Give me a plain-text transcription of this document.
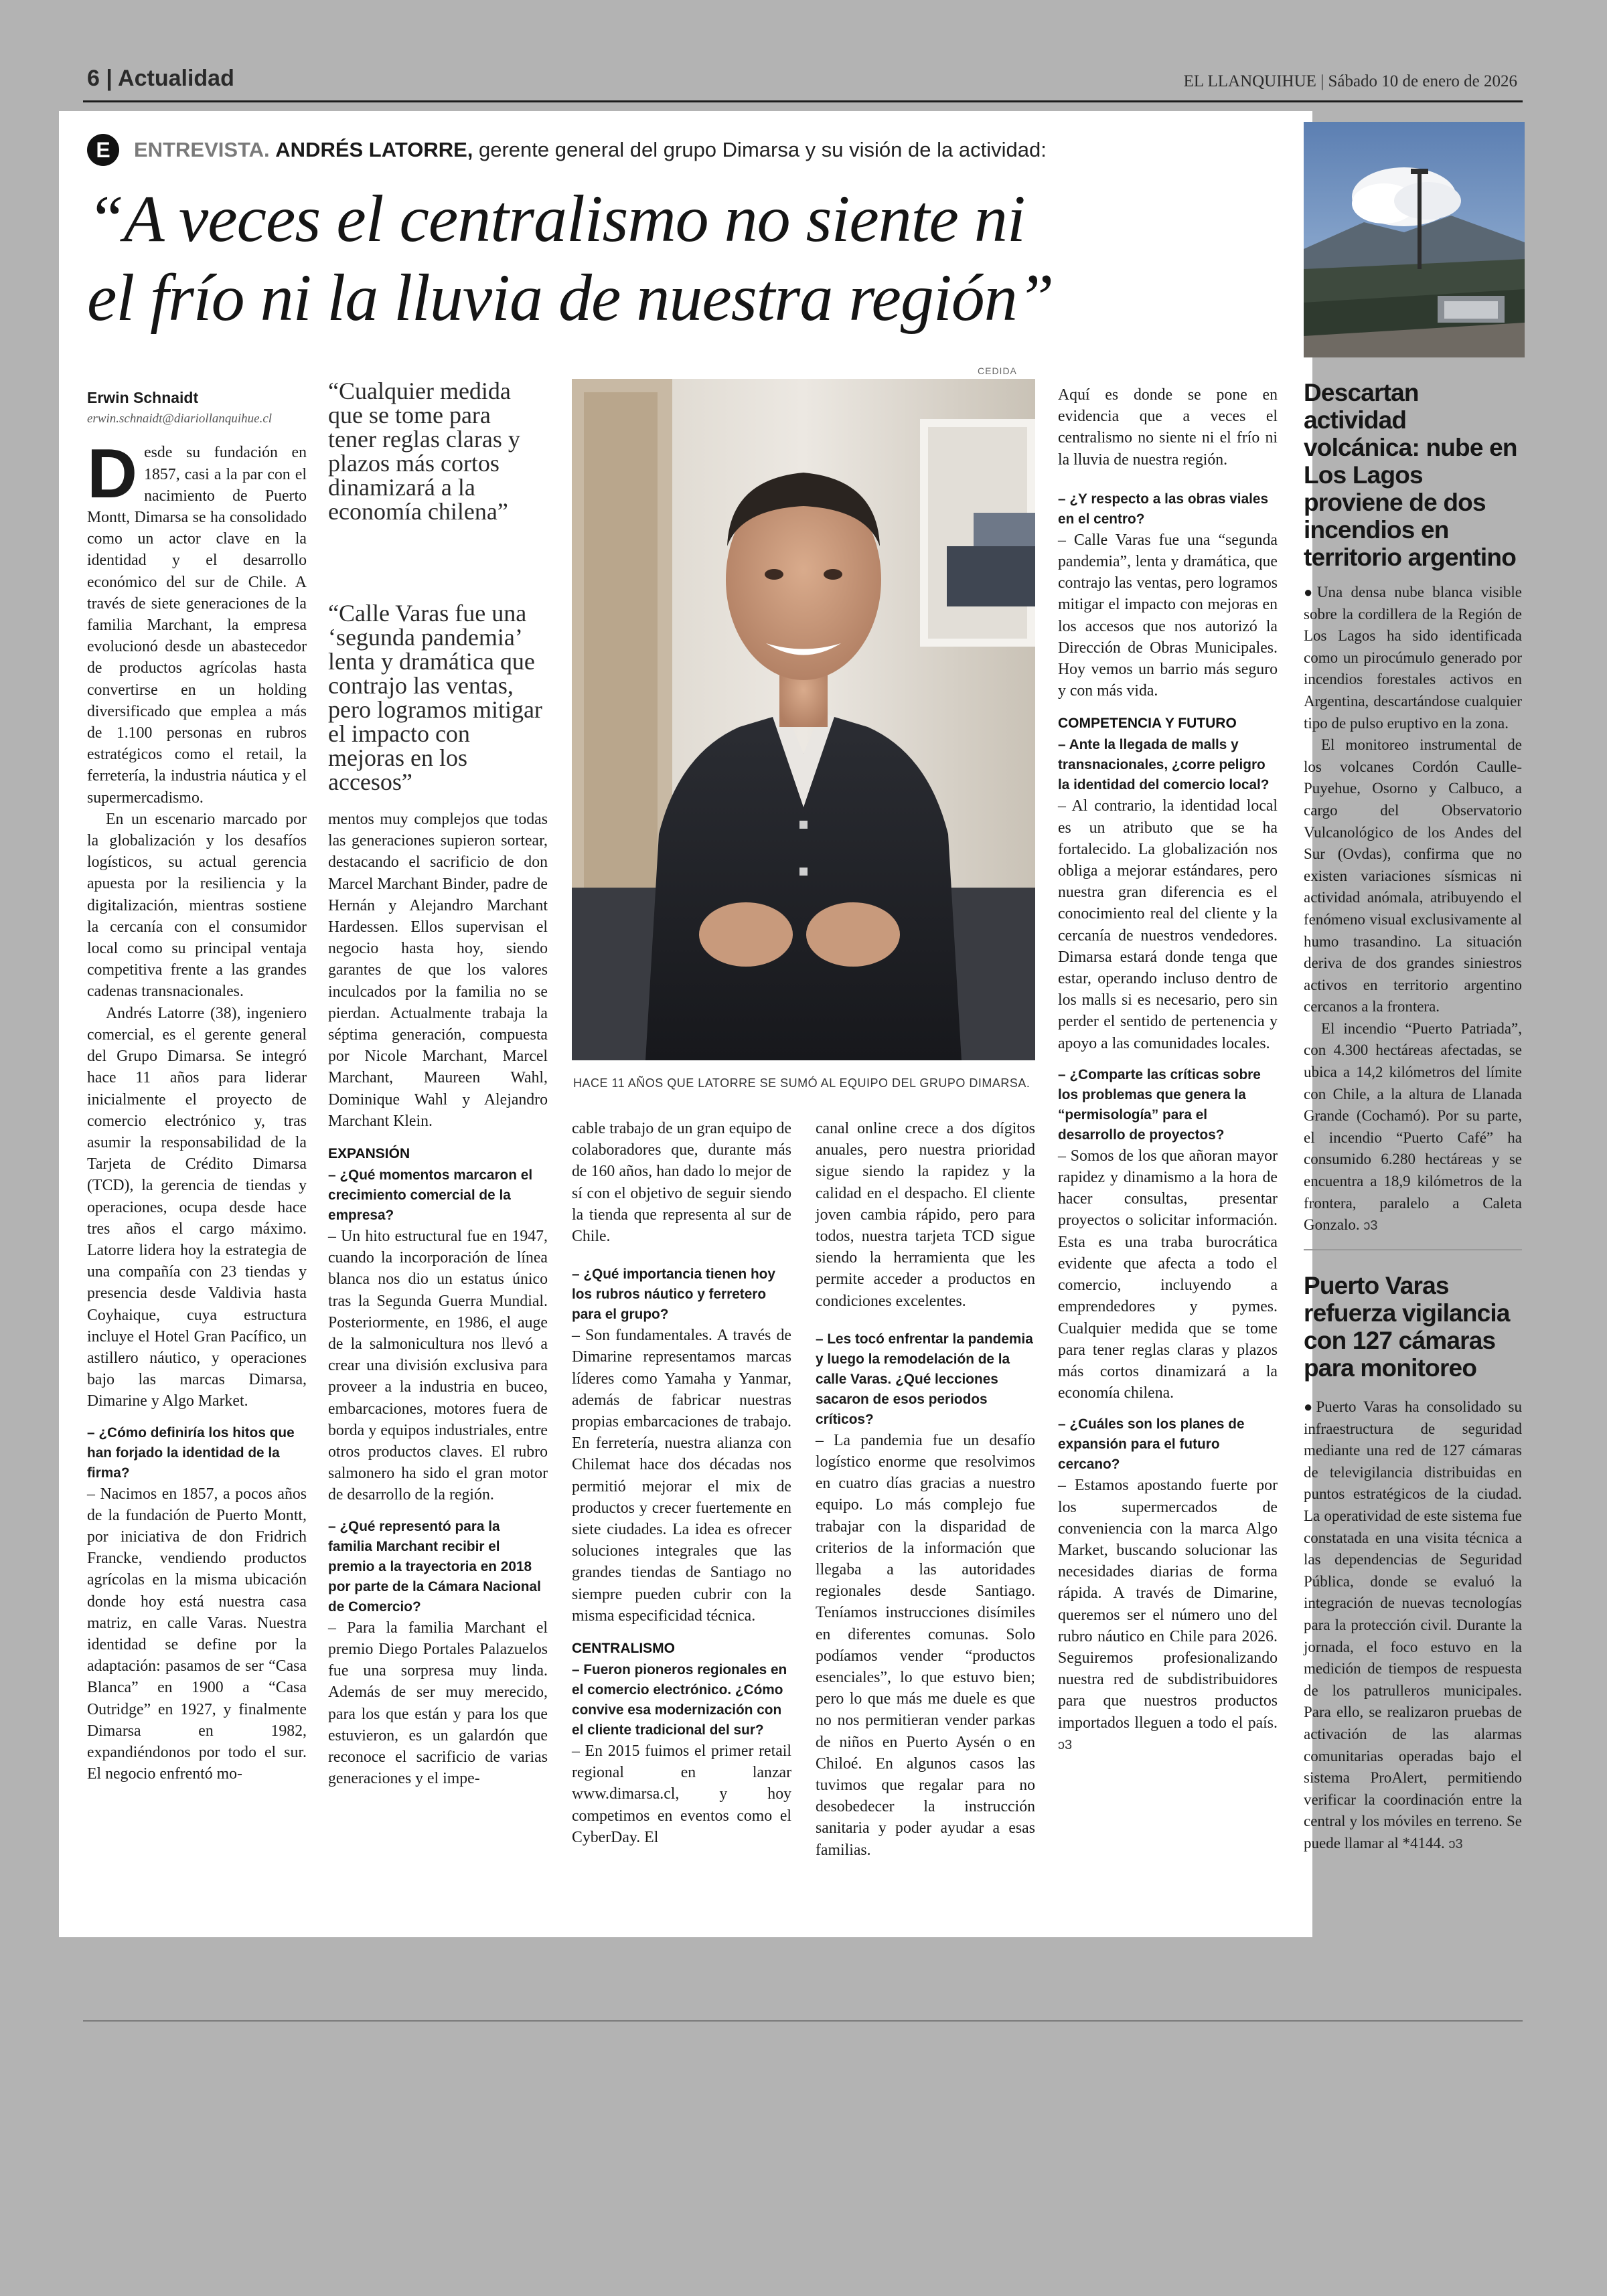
6 | Actualidad	EL LLANQUIHUE | Sábado 10 de enero de 2026
E	ENTREVISTA. ANDRÉS LATORRE, gerente general del grupo Dimarsa y su visión de la actividad:
“A veces el centralismo no siente ni
el frío ni la lluvia de nuestra región”

Erwin Schnaidt

erwin.schnaidt@diariollanquihue.cl

Desde su fundación en 1857, casi a la par con el nacimiento de Puerto Montt, Dimarsa se ha consolidado como un actor clave en la identidad y el desarrollo económico del sur de Chile. A través de siete generaciones de la familia Marchant, la empresa evolucionó desde un abastecedor de productos agrícolas hasta convertirse en un holding diversificado que emplea a más de 1.100 personas en rubros estratégicos como el retail, la ferretería, la industria náutica y el supermercadismo.

En un escenario marcado por la globalización y los desafíos logísticos, su actual gerencia apuesta por la resiliencia y la digitalización, mientras sostiene la cercanía con el consumidor local como su principal ventaja competitiva frente a las grandes cadenas transnacionales.

Andrés Latorre (38), ingeniero comercial, es el gerente general del Grupo Dimarsa. Se integró hace 11 años para liderar inicialmente el proyecto de comercio electrónico y, tras asumir la responsabilidad de la Tarjeta de Crédito Dimarsa (TCD), la gerencia de tiendas y operaciones, ocupa desde hace tres años el cargo máximo. Latorre lidera hoy la estrategia de una compañía con 23 tiendas y presencia desde Valdivia hasta Coyhaique, cuya estructura incluye el Hotel Gran Pacífico, un astillero náutico, y operaciones bajo las marcas Dimarsa, Dimarine y Algo Market.

– ¿Cómo definiría los hitos que han forjado la identidad de la firma?

– Nacimos en 1857, a pocos años de la fundación de Puerto Montt, por iniciativa de don Fridrich Francke, vendiendo productos agrícolas en la misma ubicación donde hoy está nuestra casa matriz, en calle Varas. Nuestra identidad se define por la adaptación: pasamos de ser “Casa Blanca” en 1900 a “Casa Outridge” en 1927, y finalmente Dimarsa en 1982, expandiéndonos por todo el sur. El negocio enfrentó mo-

“Cualquier medida que se tome para tener reglas claras y plazos más cortos dinamizará a la economía chilena”
“Calle Varas fue una ‘segunda pandemia’ lenta y dramática que contrajo las ventas, pero logramos mitigar el impacto con mejoras en los accesos”

mentos muy complejos que todas las generaciones supieron sortear, destacando el sacrificio de don Marcel Marchant Binder, padre de Hernán y Alejandro Marchant Hardessen. Ellos supervisan el negocio hasta hoy, siendo garantes de que los valores inculcados por la familia no se pierdan. Actualmente trabaja la séptima generación, compuesta por Nicole Marchant, Marcel Marchant, Maureen Wahl, Dominique Wahl y Alejandro Marchant Klein.

EXPANSIÓN

– ¿Qué momentos marcaron el crecimiento comercial de la empresa?

– Un hito estructural fue en 1947, cuando la incorporación de línea blanca nos dio un estatus único tras la Segunda Guerra Mundial. Posteriormente, en 1986, el auge de la salmonicultura nos llevó a crear una división exclusiva para proveer a la industria en buceo, embarcaciones, motores fuera de borda y equipos industriales, entre otros productos claves. El rubro salmonero ha sido el gran motor de desarrollo de la región.

– ¿Qué representó para la familia Marchant recibir el premio a la trayectoria en 2018 por parte de la Cámara Nacional de Comercio?

– Para la familia Marchant el premio Diego Portales Palazuelos fue una sorpresa muy linda. Además de ser muy merecido, para los que están y para los que estuvieron, es un galardón que reconoce el sacrificio de varias generaciones y el impe-

CEDIDA
HACE 11 AÑOS QUE LATORRE SE SUMÓ AL EQUIPO DEL GRUPO DIMARSA.

cable trabajo de un gran equipo de colaboradores que, durante más de 160 años, han dado lo mejor de sí con el objetivo de seguir siendo la tienda que representa al sur de Chile.

– ¿Qué importancia tienen hoy los rubros náutico y ferretero para el grupo?

– Son fundamentales. A través de Dimarine representamos marcas líderes como Yamaha y Yanmar, además de fabricar nuestras propias embarcaciones de trabajo. En ferretería, nuestra alianza con Chilemat hace dos décadas nos permitió mejorar el mix de productos y crecer fuertemente en siete ciudades. La idea es ofrecer soluciones integrales que las grandes tiendas de Santiago no siempre pueden cubrir con la misma especificidad técnica.

CENTRALISMO

– Fueron pioneros regionales en el comercio electrónico. ¿Cómo convive esa modernización con el cliente tradicional del sur?

– En 2015 fuimos el primer retail regional en lanzar www.dimarsa.cl, y hoy competimos en eventos como el CyberDay. El

canal online crece a dos dígitos anuales, pero nuestra prioridad sigue siendo la rapidez y la calidad en el despacho. El cliente joven cambia rápido, pero para todos, nuestra tarjeta TCD sigue siendo la herramienta que les permite acceder a productos en condiciones excelentes.

– Les tocó enfrentar la pandemia y luego la remodelación de la calle Varas. ¿Qué lecciones sacaron de esos periodos críticos?

– La pandemia fue un desafío logístico enorme que resolvimos en cuatro días gracias a nuestro equipo. Lo más complejo fue trabajar con la disparidad de criterios de la información que llegaba a las autoridades regionales desde Santiago. Teníamos instrucciones disímiles en diferentes comunas. Solo podíamos vender “productos esenciales”, lo que estuvo bien; pero lo que más me duele es que no nos permitieran vender parkas de niños en Puerto Aysén o en Chiloé. En algunos casos las tuvimos que regalar para no desobedecer la instrucción sanitaria y poder ayudar a esas familias.

Aquí es donde se pone en evidencia que a veces el centralismo no siente ni el frío ni la lluvia de nuestra región.

– ¿Y respecto a las obras viales en el centro?

– Calle Varas fue una “segunda pandemia”, lenta y dramática, que contrajo las ventas, pero logramos mitigar el impacto con mejoras en los accesos que nos autorizó la Dirección de Obras Municipales. Hoy vemos un barrio más seguro y con más vida.

COMPETENCIA Y FUTURO

– Ante la llegada de malls y transnacionales, ¿corre peligro la identidad del comercio local?

– Al contrario, la identidad local es un atributo que se ha fortalecido. La globalización nos obliga a mejorar estándares, pero nuestra gran diferencia es el conocimiento real del cliente y la cercanía de nuestros vendedores. Dimarsa estará donde tenga que estar, operando incluso dentro de los malls si es necesario, pero sin perder el sentido de pertenencia y apoyo a las comunidades locales.

– ¿Comparte las críticas sobre los problemas que genera la “permisología” para el desarrollo de proyectos?

– Somos de los que añoran mayor rapidez y dinamismo a la hora de hacer consultas, presentar proyectos o solicitar información. Esta es una traba burocrática evidente que afecta a todo el comercio, incluyendo a emprendedores y pymes. Cualquier medida que se tome para tener reglas claras y plazos más cortos dinamizará a la economía chilena.

– ¿Cuáles son los planes de expansión para el futuro cercano?

– Estamos apostando fuerte por los supermercados de conveniencia con la marca Algo Market, buscando solucionar las necesidades diarias de forma rápida. A través de Dimarine, queremos ser el número uno del rubro náutico en Chile para 2026. Seguiremos profesionalizando nuestra red de subdistribuidores para que nuestros productos importados lleguen a todo el país. ↄ3

Descartan actividad volcánica: nube en Los Lagos proviene de dos incendios en territorio argentino

●Una densa nube blanca visible sobre la cordillera de la Región de Los Lagos ha sido identificada como un pirocúmulo generado por incendios forestales activos en Argentina, descartándose cualquier tipo de pulso eruptivo en la zona.

El monitoreo instrumental de los volcanes Cordón Caulle-Puyehue, Osorno y Calbuco, a cargo del Observatorio Vulcanológico de los Andes del Sur (Ovdas), confirma que no existen variaciones sísmicas ni actividad anómala, atribuyendo el fenómeno visual exclusivamente al humo trasandino. La situación deriva de dos grandes siniestros activos en territorio argentino cercanos a la frontera.

El incendio “Puerto Patriada”, con 4.300 hectáreas afectadas, se ubica a 14,2 kilómetros del límite con Chile, a la altura de Llanada Grande (Cochamó). Por su parte, el incendio “Puerto Café” ha consumido 6.280 hectáreas y se encuentra a 18,9 kilómetros de la frontera, paralelo a Caleta Gonzalo. ↄ3

Puerto Varas refuerza vigilancia con 127 cámaras para monitoreo

●Puerto Varas ha consolidado su infraestructura de seguridad mediante una red de 127 cámaras de televigilancia distribuidas en puntos estratégicos de la ciudad. La operatividad de este sistema fue constatada en una visita técnica a las dependencias de Seguridad Pública, donde se evaluó la integración de nuevas tecnologías para la protección civil. Durante la jornada, el foco estuvo en la medición de tiempos de respuesta de los patrulleros municipales. Para ello, se realizaron pruebas de activación de las alarmas comunitarias operadas bajo el sistema ProAlert, permitiendo verificar la coordinación entre la central y los móviles en terreno. Se puede llamar al *4144. ↄ3
